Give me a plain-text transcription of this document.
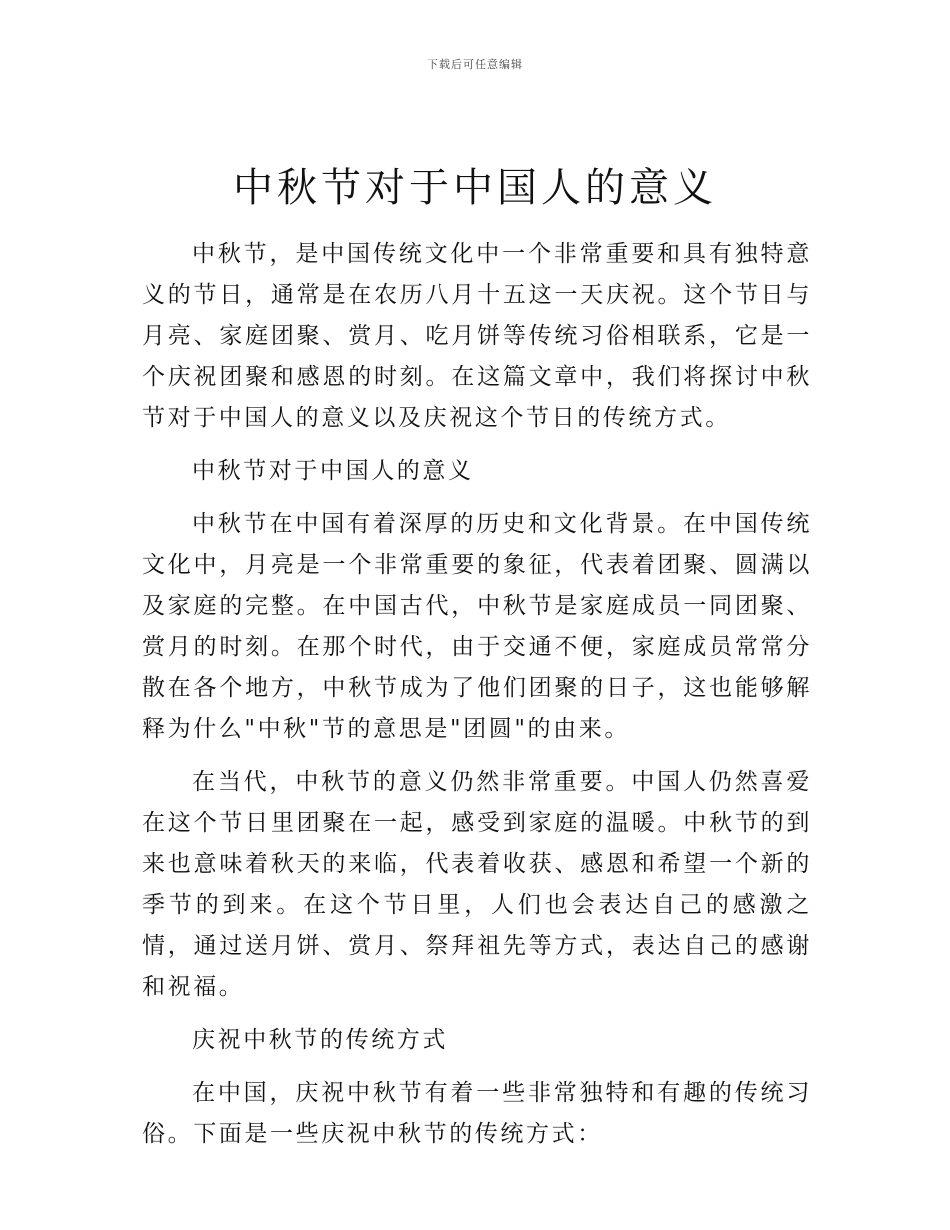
下载后可任意编辑
中秋节对于中国人的意义

中秋节，是中国传统文化中一个非常重要和具有独特意义的节日，通常是在农历八月十五这一天庆祝。这个节日与月亮、家庭团聚、赏月、吃月饼等传统习俗相联系，它是一个庆祝团聚和感恩的时刻。在这篇文章中，我们将探讨中秋节对于中国人的意义以及庆祝这个节日的传统方式。

中秋节对于中国人的意义

中秋节在中国有着深厚的历史和文化背景。在中国传统文化中，月亮是一个非常重要的象征，代表着团聚、圆满以及家庭的完整。在中国古代，中秋节是家庭成员一同团聚、赏月的时刻。在那个时代，由于交通不便，家庭成员常常分散在各个地方，中秋节成为了他们团聚的日子，这也能够解释为什么"中秋"节的意思是"团圆"的由来。

在当代，中秋节的意义仍然非常重要。中国人仍然喜爱在这个节日里团聚在一起，感受到家庭的温暖。中秋节的到来也意味着秋天的来临，代表着收获、感恩和希望一个新的季节的到来。在这个节日里，人们也会表达自己的感激之情，通过送月饼、赏月、祭拜祖先等方式，表达自己的感谢和祝福。

庆祝中秋节的传统方式

在中国，庆祝中秋节有着一些非常独特和有趣的传统习俗。下面是一些庆祝中秋节的传统方式：
